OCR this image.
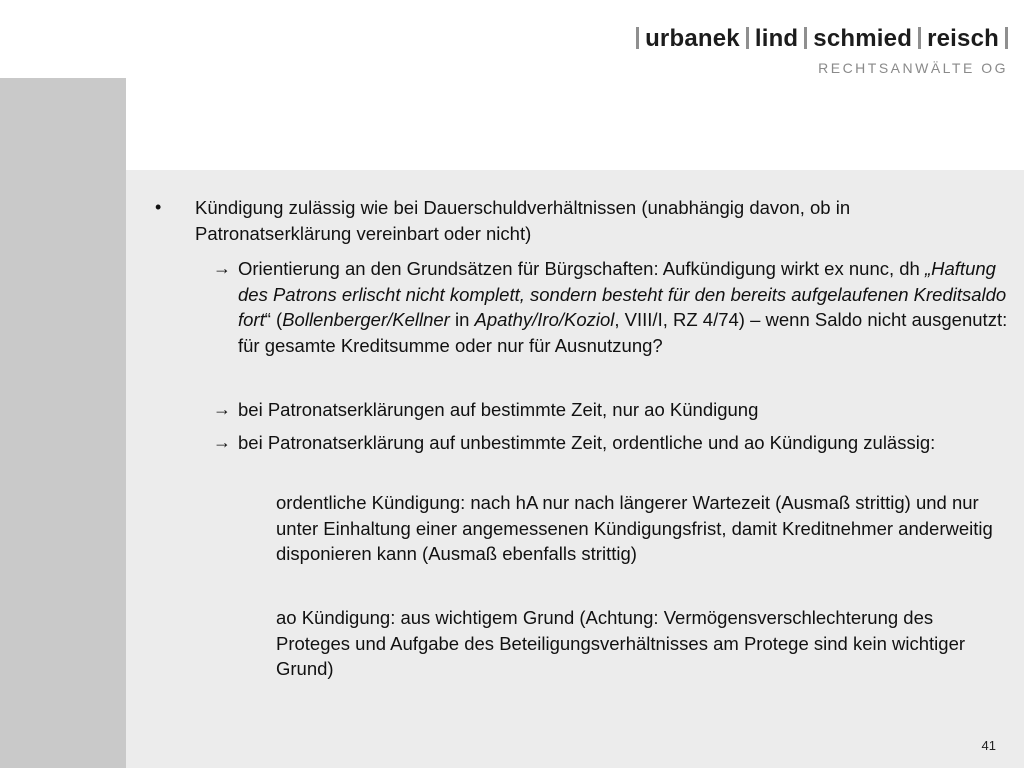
urbanek lind schmied reisch
RECHTSANWÄLTE OG
• Kündigung zulässig wie bei Dauerschuldverhältnissen (unabhängig davon, ob in Patronatserklärung vereinbart oder nicht)
→ Orientierung an den Grundsätzen für Bürgschaften: Aufkündigung wirkt ex nunc, dh „Haftung des Patrons erlischt nicht komplett, sondern besteht für den bereits aufgelaufenen Kreditsaldo fort“ (Bollenberger/Kellner in Apathy/Iro/Koziol, VIII/I, RZ 4/74) – wenn Saldo nicht ausgenutzt: für gesamte Kreditsumme oder nur für Ausnutzung?
→ bei Patronatserklärungen auf bestimmte Zeit, nur ao Kündigung
→ bei Patronatserklärung auf unbestimmte Zeit, ordentliche und ao Kündigung zulässig:
ordentliche Kündigung: nach hA nur nach längerer Wartezeit (Ausmaß strittig) und nur unter Einhaltung einer angemessenen Kündigungsfrist, damit Kreditnehmer anderweitig disponieren kann (Ausmaß ebenfalls strittig)
ao Kündigung: aus wichtigem Grund (Achtung: Vermögensverschlechterung des Proteges und Aufgabe des Beteiligungsverhältnisses am Protege sind kein wichtiger Grund)
41
